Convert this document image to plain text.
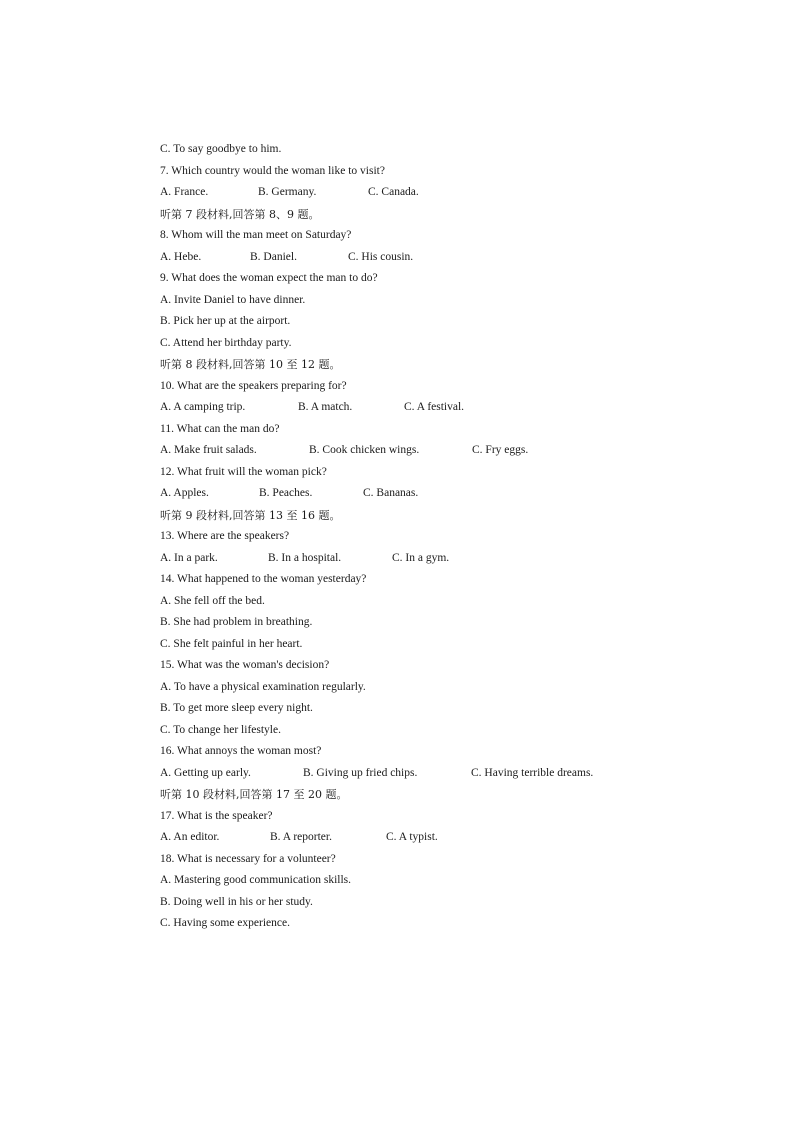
C. To say goodbye to him.
7. Which country would the woman like to visit?
A. France.	B. Germany.	C. Canada.
听第 7 段材料,回答第 8、9 题。
8. Whom will the man meet on Saturday?
A. Hebe.	B. Daniel.	C. His cousin.
9. What does the woman expect the man to do?
A. Invite Daniel to have dinner.
B. Pick her up at the airport.
C. Attend her birthday party.
听第 8 段材料,回答第 10 至 12 题。
10. What are the speakers preparing for?
A. A camping trip.	B. A match.	C. A festival.
11. What can the man do?
A. Make fruit salads.	B. Cook chicken wings.	C. Fry eggs.
12. What fruit will the woman pick?
A. Apples.	B. Peaches.	C. Bananas.
听第 9 段材料,回答第 13 至 16 题。
13. Where are the speakers?
A. In a park.	B. In a hospital.	C. In a gym.
14. What happened to the woman yesterday?
A. She fell off the bed.
B. She had problem in breathing.
C. She felt painful in her heart.
15. What was the woman's decision?
A. To have a physical examination regularly.
B. To get more sleep every night.
C. To change her lifestyle.
16. What annoys the woman most?
A. Getting up early.	B. Giving up fried chips.	C. Having terrible dreams.
听第 10 段材料,回答第 17 至 20 题。
17. What is the speaker?
A. An editor.	B. A reporter.	C. A typist.
18. What is necessary for a volunteer?
A. Mastering good communication skills.
B. Doing well in his or her study.
C. Having some experience.
